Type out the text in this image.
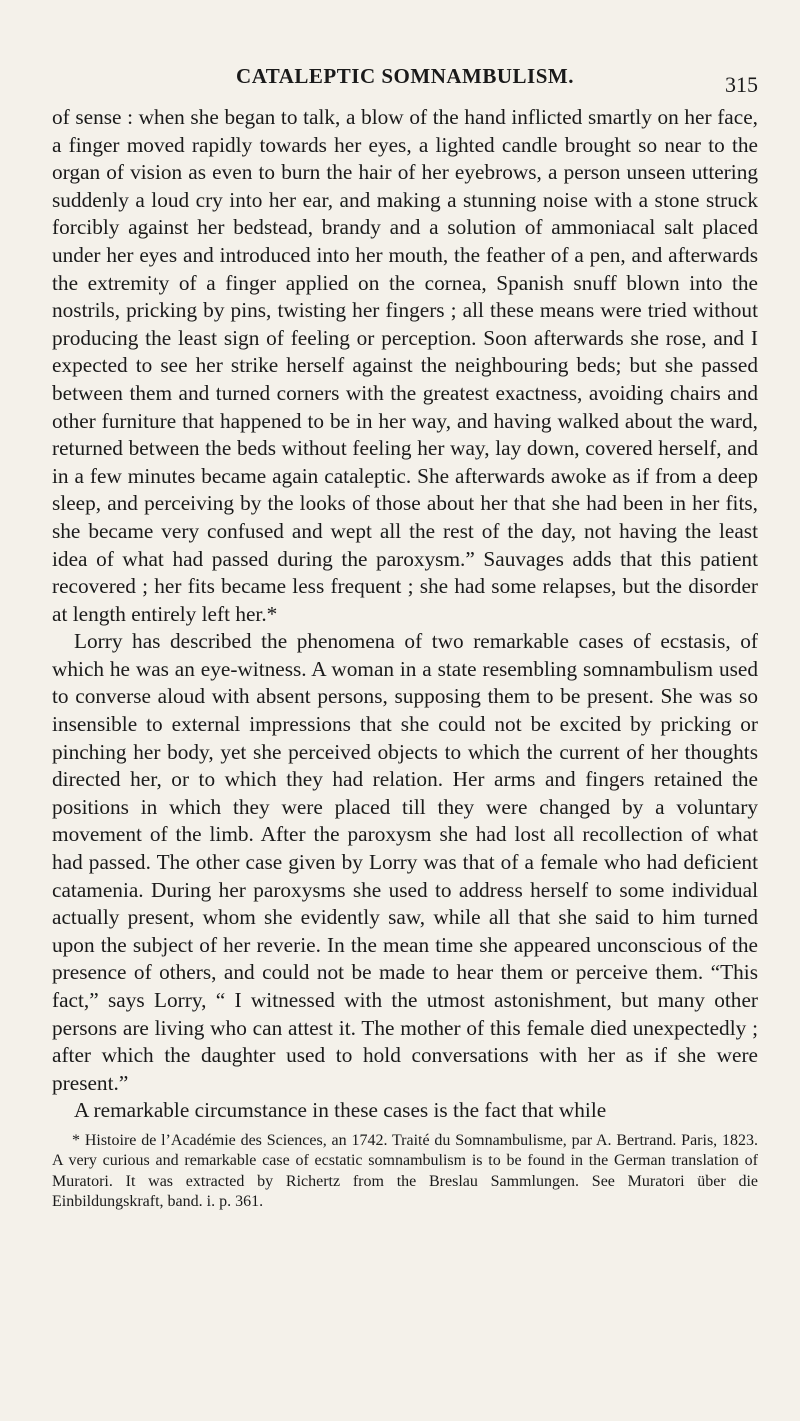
CATALEPTIC SOMNAMBULISM.	315

of sense : when she began to talk, a blow of the hand inflicted smartly on her face, a finger moved rapidly towards her eyes, a lighted candle brought so near to the organ of vision as even to burn the hair of her eyebrows, a person unseen uttering suddenly a loud cry into her ear, and making a stunning noise with a stone struck forcibly against her bedstead, brandy and a solution of ammoniacal salt placed under her eyes and introduced into her mouth, the feather of a pen, and afterwards the extremity of a finger applied on the cornea, Spanish snuff blown into the nostrils, pricking by pins, twisting her fingers ; all these means were tried without producing the least sign of feeling or perception. Soon afterwards she rose, and I expected to see her strike herself against the neighbouring beds; but she passed between them and turned corners with the greatest exactness, avoiding chairs and other furniture that happened to be in her way, and having walked about the ward, returned between the beds without feeling her way, lay down, covered herself, and in a few minutes became again cataleptic. She afterwards awoke as if from a deep sleep, and perceiving by the looks of those about her that she had been in her fits, she became very confused and wept all the rest of the day, not having the least idea of what had passed during the paroxysm.” Sauvages adds that this patient recovered ; her fits became less frequent ; she had some relapses, but the disorder at length entirely left her.*

Lorry has described the phenomena of two remarkable cases of ecstasis, of which he was an eye-witness. A woman in a state resembling somnambulism used to converse aloud with absent persons, supposing them to be present. She was so insensible to external impressions that she could not be excited by pricking or pinching her body, yet she perceived objects to which the current of her thoughts directed her, or to which they had relation. Her arms and fingers retained the positions in which they were placed till they were changed by a voluntary movement of the limb. After the paroxysm she had lost all recollection of what had passed. The other case given by Lorry was that of a female who had deficient catamenia. During her paroxysms she used to address herself to some individual actually present, whom she evidently saw, while all that she said to him turned upon the subject of her reverie. In the mean time she appeared unconscious of the presence of others, and could not be made to hear them or perceive them. “This fact,” says Lorry, “ I witnessed with the utmost astonishment, but many other persons are living who can attest it. The mother of this female died unexpectedly ; after which the daughter used to hold conversations with her as if she were present.”

A remarkable circumstance in these cases is the fact that while

* Histoire de l’Académie des Sciences, an 1742. Traité du Somnambulisme, par A. Bertrand. Paris, 1823. A very curious and remarkable case of ecstatic somnambulism is to be found in the German translation of Muratori. It was extracted by Richertz from the Breslau Sammlungen. See Muratori über die Einbildungskraft, band. i. p. 361.
